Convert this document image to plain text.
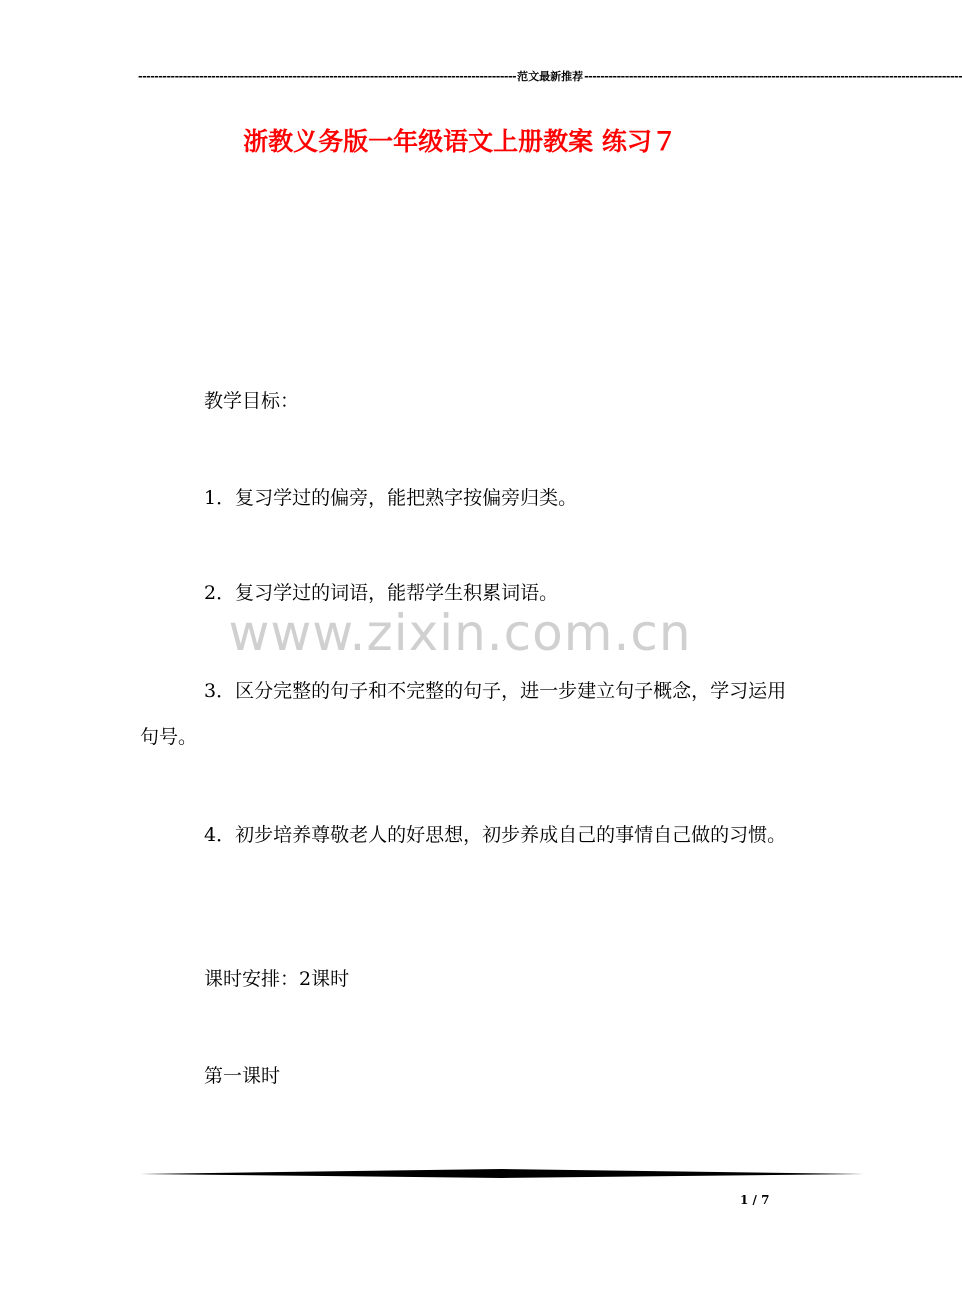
--------------------------------------------------------------------------------------------- 范文最新推荐 ---------------------------------------------------------------------------------------------
浙教义务版一年级语文上册教案 练习７
www.zixin.com.cn
教学目标：
1．复习学过的偏旁，能把熟字按偏旁归类。
2．复习学过的词语，能帮学生积累词语。
3．区分完整的句子和不完整的句子，进一步建立句子概念，学习运用句号。
4．初步培养尊敬老人的好思想，初步养成自己的事情自己做的习惯。
课时安排：2课时
第一课时
1 / 7
